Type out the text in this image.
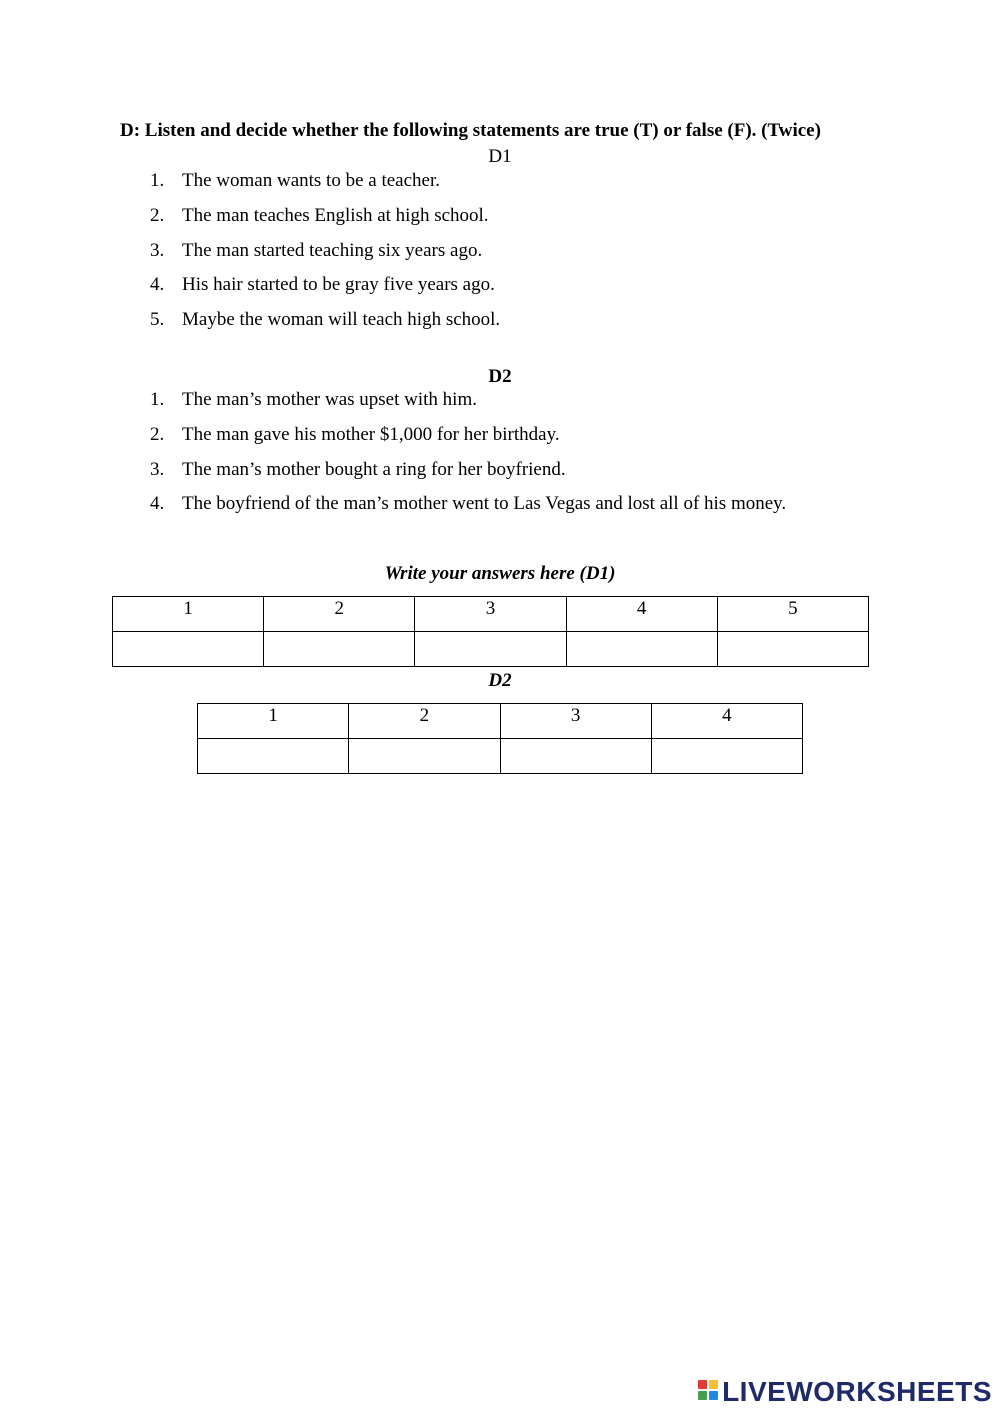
D: Listen and decide whether the following statements are true (T) or false (F). (Twice)
D1
1. The woman wants to be a teacher.
2. The man teaches English at high school.
3. The man started teaching six years ago.
4. His hair started to be gray five years ago.
5. Maybe the woman will teach high school.
D2
1. The man’s mother was upset with him.
2. The man gave his mother $1,000 for her birthday.
3. The man’s mother bought a ring for her boyfriend.
4. The boyfriend of the man’s mother went to Las Vegas and lost all of his money.
Write your answers here (D1)
1	2	3	4	5

D2
1	2	3	4

LIVEWORKSHEETS
